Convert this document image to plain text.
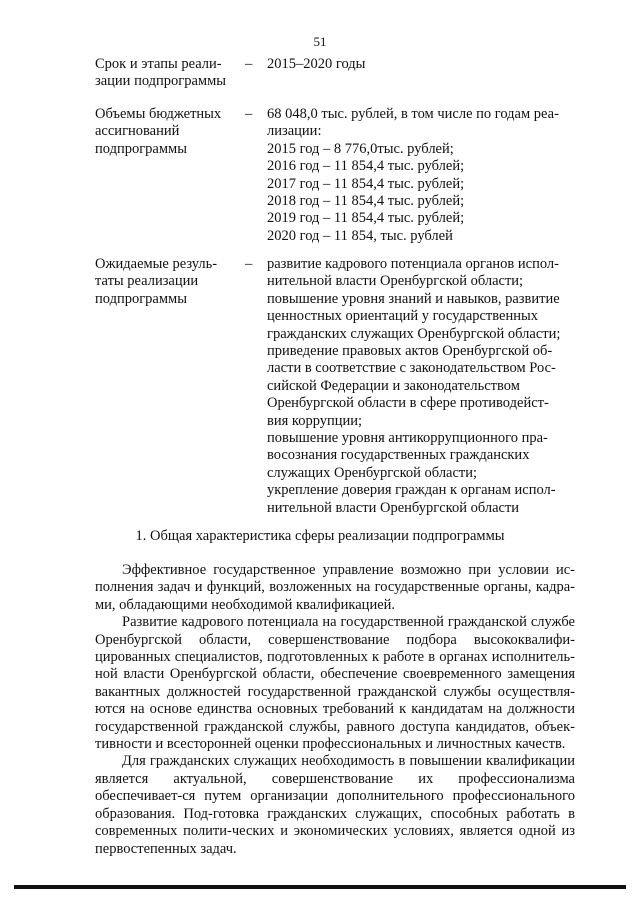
51
Срок и этапы реали-
зации подпрограммы
–	2015–2020 годы
Объемы бюджетных
ассигнований
подпрограммы
–	68 048,0 тыс. рублей, в том числе по годам реа-
лизации:
2015 год – 8 776,0тыс. рублей;
2016 год – 11 854,4 тыс. рублей;
2017 год – 11 854,4 тыс. рублей;
2018 год – 11 854,4 тыс. рублей;
2019 год – 11 854,4 тыс. рублей;
2020 год – 11 854, тыс. рублей
Ожидаемые резуль-
таты реализации
подпрограммы
–	развитие кадрового потенциала органов испол-
нительной власти Оренбургской области;
повышение уровня знаний и навыков, развитие
ценностных ориентаций у государственных
гражданских служащих Оренбургской области;
приведение правовых актов Оренбургской об-
ласти в соответствие с законодательством Рос-
сийской Федерации и законодательством
Оренбургской области в сфере противодейст-
вия коррупции;
повышение уровня антикоррупционного пра-
восознания государственных гражданских
служащих Оренбургской области;
укрепление доверия граждан к органам испол-
нительной власти Оренбургской области
1. Общая характеристика сферы реализации подпрограммы

Эффективное государственное управление возможно при условии ис-полнения задач и функций, возложенных на государственные органы, кадра-ми, обладающими необходимой квалификацией.

Развитие кадрового потенциала на государственной гражданской службе Оренбургской области, совершенствование подбора высококвалифи-цированных специалистов, подготовленных к работе в органах исполнитель-ной власти Оренбургской области, обеспечение своевременного замещения вакантных должностей государственной гражданской службы осуществля-ются на основе единства основных требований к кандидатам на должности государственной гражданской службы, равного доступа кандидатов, объек-тивности и всесторонней оценки профессиональных и личностных качеств.

Для гражданских служащих необходимость в повышении квалификации является актуальной, совершенствование их профессионализма обеспечивает-ся путем организации дополнительного профессионального образования. Под-готовка гражданских служащих, способных работать в современных полити-ческих и экономических условиях, является одной из первостепенных задач.
